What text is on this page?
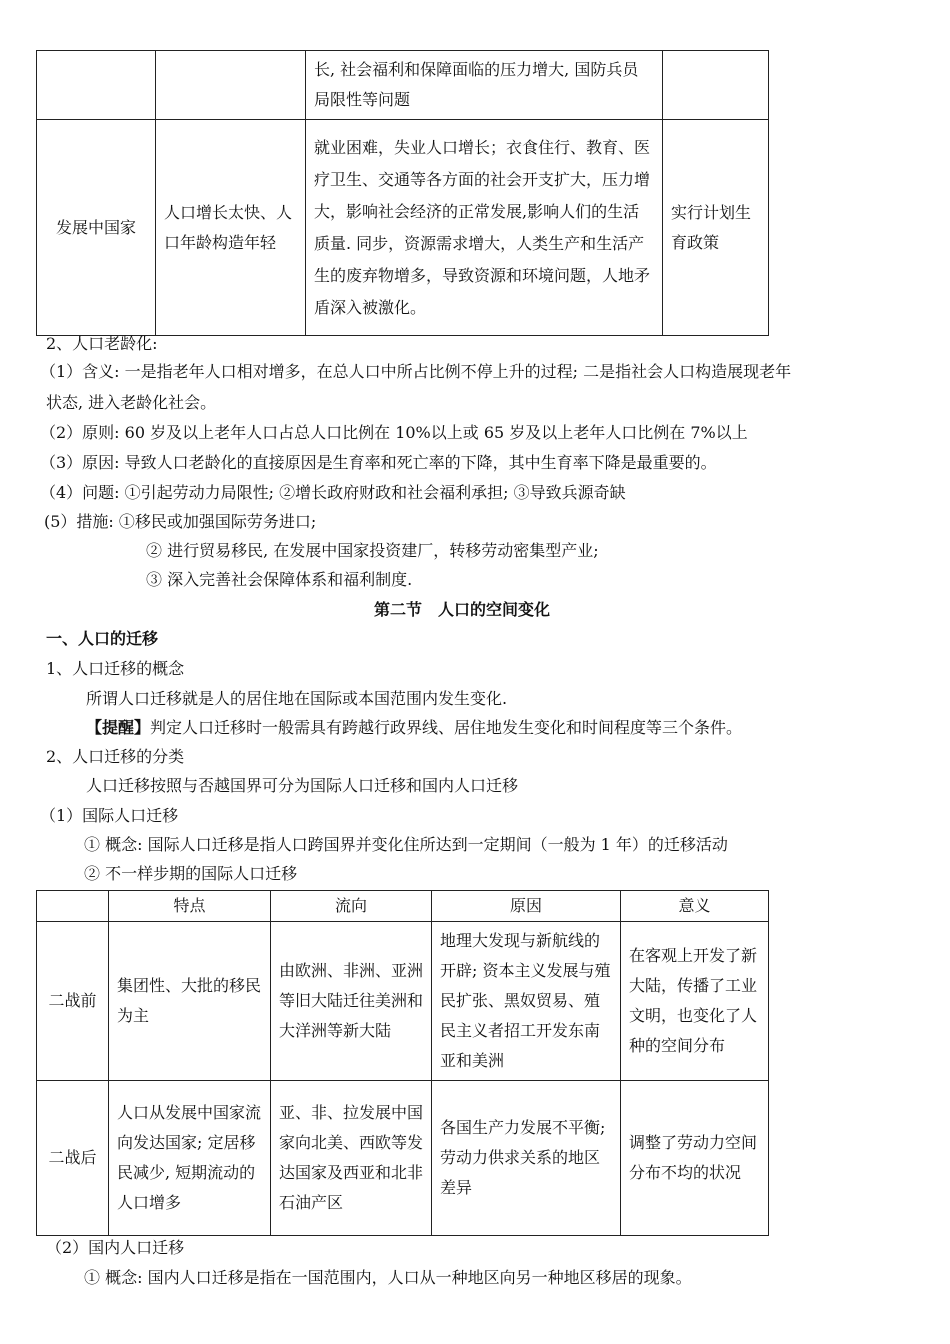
		长, 社会福利和保障面临的压力增大, 国防兵员局限性等问题	
发展中国家	人口增长太快、人口年龄构造年轻	就业困难，失业人口增长；衣食住行、教育、医疗卫生、交通等各方面的社会开支扩大，压力增大，影响社会经济的正常发展,影响人们的生活质量. 同步，资源需求增大，人类生产和生活产生的废弃物增多，导致资源和环境问题，人地矛盾深入被激化。	实行计划生育政策
2、人口老龄化:
（1）含义: 一是指老年人口相对增多，在总人口中所占比例不停上升的过程; 二是指社会人口构造展现老年
状态, 进入老龄化社会。
（2）原则: 60 岁及以上老年人口占总人口比例在 10%以上或 65 岁及以上老年人口比例在 7%以上
（3）原因: 导致人口老龄化的直接原因是生育率和死亡率的下降，其中生育率下降是最重要的。
（4）问题: ①引起劳动力局限性; ②增长政府财政和社会福利承担; ③导致兵源奇缺
(5）措施: ①移民或加强国际劳务进口;
② 进行贸易移民, 在发展中国家投资建厂，转移劳动密集型产业;
③ 深入完善社会保障体系和福利制度.
第二节　人口的空间变化
一、人口的迁移
1、人口迁移的概念
所谓人口迁移就是人的居住地在国际或本国范围内发生变化.
【提醒】判定人口迁移时一般需具有跨越行政界线、居住地发生变化和时间程度等三个条件。
2、人口迁移的分类
人口迁移按照与否越国界可分为国际人口迁移和国内人口迁移
（1）国际人口迁移
① 概念: 国际人口迁移是指人口跨国界并变化住所达到一定期间（一般为 1 年）的迁移活动
② 不一样步期的国际人口迁移
	特点	流向	原因	意义
二战前	集团性、大批的移民为主	由欧洲、非洲、亚洲等旧大陆迁往美洲和大洋洲等新大陆	地理大发现与新航线的开辟; 资本主义发展与殖民扩张、黑奴贸易、殖民主义者招工开发东南亚和美洲	在客观上开发了新大陆，传播了工业文明，也变化了人种的空间分布
二战后	人口从发展中国家流向发达国家; 定居移民减少, 短期流动的人口增多	亚、非、拉发展中国家向北美、西欧等发达国家及西亚和北非石油产区	各国生产力发展不平衡; 劳动力供求关系的地区差异	调整了劳动力空间分布不均的状况
（2）国内人口迁移
① 概念: 国内人口迁移是指在一国范围内，人口从一种地区向另一种地区移居的现象。
